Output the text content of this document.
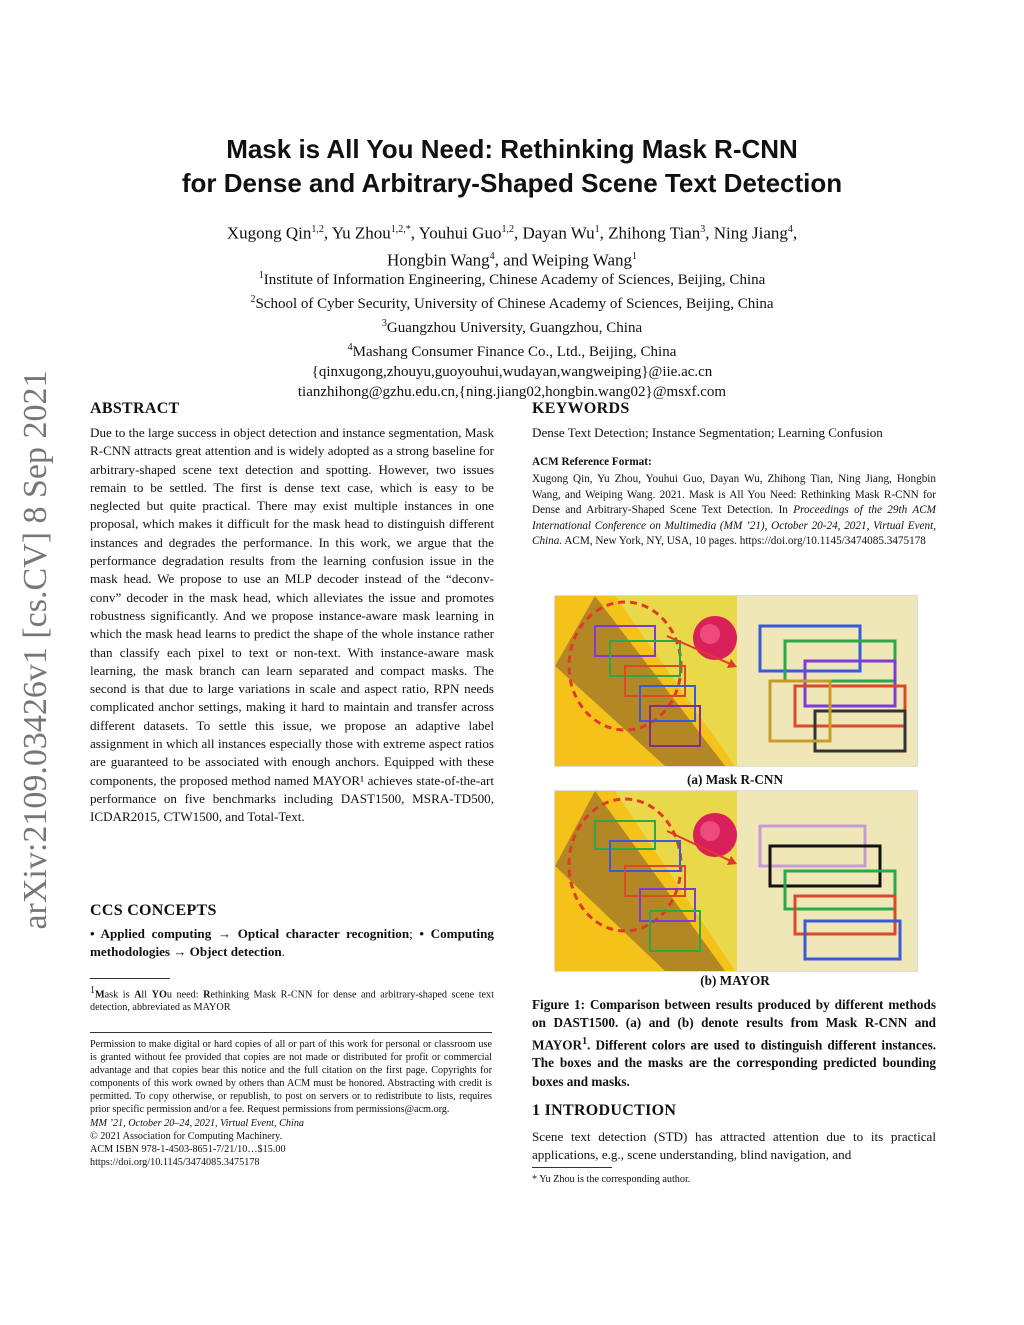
Mask is All You Need: Rethinking Mask R-CNN
for Dense and Arbitrary-Shaped Scene Text Detection
Xugong Qin$^{1,2}$, Yu Zhou$^{1,2,*}$, Youhui Guo$^{1,2}$, Dayan Wu$^1$, Zhihong Tian$^3$, Ning Jiang$^4$,
Hongbin Wang$^4$, and Weiping Wang$^1$
$^1$Institute of Information Engineering, Chinese Academy of Sciences, Beijing, China
$^2$School of Cyber Security, University of Chinese Academy of Sciences, Beijing, China
$^3$Guangzhou University, Guangzhou, China
$^4$Mashang Consumer Finance Co., Ltd., Beijing, China
{qinxugong,zhouyu,guoyouhui,wudayan,wangweiping}@iie.ac.cn
tianzhihong@gzhu.edu.cn,{ning.jiang02,hongbin.wang02}@msxf.com
arXiv:2109.03426v1 [cs.CV] 8 Sep 2021 ABSTRACT
Due to the large success in object detection and instance segmentation, Mask R-CNN attracts great attention and is widely adopted as a strong baseline for arbitrary-shaped scene text detection and spotting. However, two issues remain to be settled. The first is dense text case, which is easy to be neglected but quite practical. There may exist multiple instances in one proposal, which makes it difficult for the mask head to distinguish different instances and degrades the performance. In this work, we argue that the performance degradation results from the learning confusion issue in the mask head. We propose to use an MLP decoder instead of the “deconv-conv” decoder in the mask head, which alleviates the issue and promotes robustness significantly. And we propose instance-aware mask learning in which the mask head learns to predict the shape of the whole instance rather than classify each pixel to text or non-text. With instance-aware mask learning, the mask branch can learn separated and compact masks. The second is that due to large variations in scale and aspect ratio, RPN needs complicated anchor settings, making it hard to maintain and transfer across different datasets. To settle this issue, we propose an adaptive label assignment in which all instances especially those with extreme aspect ratios are guaranteed to be associated with enough anchors. Equipped with these components, the proposed method named MAYOR¹ achieves state-of-the-art performance on five benchmarks including DAST1500, MSRA-TD500, ICDAR2015, CTW1500, and Total-Text.
CCS CONCEPTS
• Applied computing → Optical character recognition; • Computing methodologies → Object detection.
$^1$Mask is All YOu need: Rethinking Mask R-CNN for dense and arbitrary-shaped scene text detection, abbreviated as MAYOR
Permission to make digital or hard copies of all or part of this work for personal or classroom use is granted without fee provided that copies are not made or distributed for profit or commercial advantage and that copies bear this notice and the full citation on the first page. Copyrights for components of this work owned by others than ACM must be honored. Abstracting with credit is permitted. To copy otherwise, or republish, to post on servers or to redistribute to lists, requires prior specific permission and/or a fee. Request permissions from permissions@acm.org.
MM ’21, October 20–24, 2021, Virtual Event, China
© 2021 Association for Computing Machinery.
ACM ISBN 978-1-4503-8651-7/21/10…$15.00
https://doi.org/10.1145/3474085.3475178
KEYWORDS
Dense Text Detection; Instance Segmentation; Learning Confusion
ACM Reference Format:
Xugong Qin, Yu Zhou, Youhui Guo, Dayan Wu, Zhihong Tian, Ning Jiang, Hongbin Wang, and Weiping Wang. 2021. Mask is All You Need: Rethinking Mask R-CNN for Dense and Arbitrary-Shaped Scene Text Detection. In Proceedings of the 29th ACM International Conference on Multimedia (MM ’21), October 20-24, 2021, Virtual Event, China. ACM, New York, NY, USA, 10 pages. https://doi.org/10.1145/3474085.3475178
(a) Mask R-CNN
(b) MAYOR
Figure 1: Comparison between results produced by different methods on DAST1500. (a) and (b) denote results from Mask R-CNN and MAYOR$^1$. Different colors are used to distinguish different instances. The boxes and the masks are the corresponding predicted bounding boxes and masks.
1 INTRODUCTION
Scene text detection (STD) has attracted attention due to its practical applications, e.g., scene understanding, blind navigation, and
* Yu Zhou is the corresponding author.
